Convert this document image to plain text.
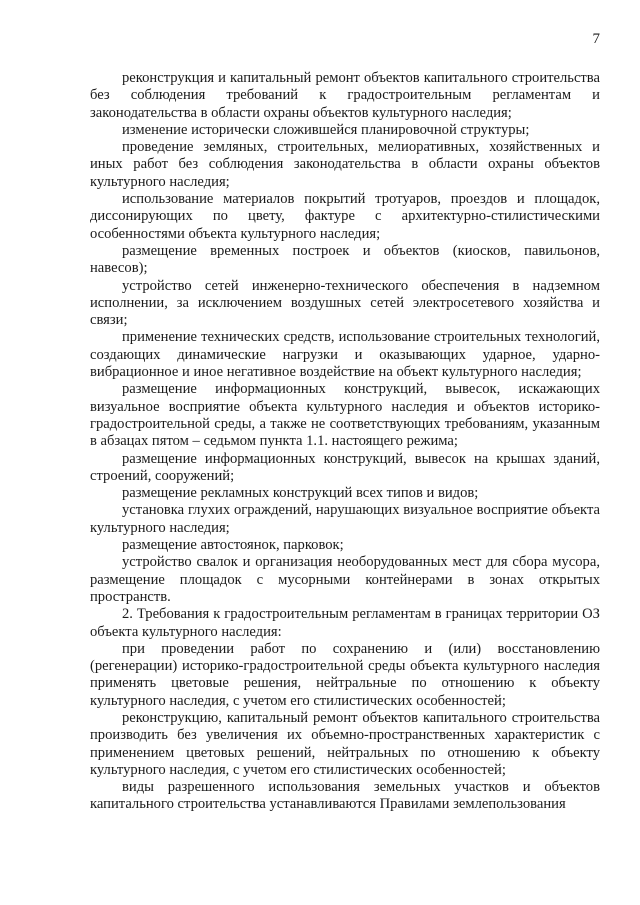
7

реконструкция и капитальный ремонт объектов капитального строительства без соблюдения требований к градостроительным регламентам и законодательства в области охраны объектов культурного наследия;

изменение исторически сложившейся планировочной структуры;

проведение земляных, строительных, мелиоративных, хозяйственных и иных работ без соблюдения законодательства в области охраны объектов культурного наследия;

использование материалов покрытий тротуаров, проездов и площадок, диссонирующих по цвету, фактуре с архитектурно-стилистическими особенностями объекта культурного наследия;

размещение временных построек и объектов (киосков, павильонов, навесов);

устройство сетей инженерно-технического обеспечения в надземном исполнении, за исключением воздушных сетей электросетевого хозяйства и связи;

применение технических средств, использование строительных технологий, создающих динамические нагрузки и оказывающих ударное, ударно-вибрационное и иное негативное воздействие на объект культурного наследия;

размещение информационных конструкций, вывесок, искажающих визуальное восприятие объекта культурного наследия и объектов историко-градостроительной среды, а также не соответствующих требованиям, указанным в абзацах пятом – седьмом пункта 1.1. настоящего режима;

размещение информационных конструкций, вывесок на крышах зданий, строений, сооружений;

размещение рекламных конструкций всех типов и видов;

установка глухих ограждений, нарушающих визуальное восприятие объекта культурного наследия;

размещение автостоянок, парковок;

устройство свалок и организация необорудованных мест для сбора мусора, размещение площадок с мусорными контейнерами в зонах открытых пространств.

2. Требования к градостроительным регламентам в границах территории ОЗ объекта культурного наследия:

при проведении работ по сохранению и (или) восстановлению (регенерации) историко-градостроительной среды объекта культурного наследия применять цветовые решения, нейтральные по отношению к объекту культурного наследия, с учетом его стилистических особенностей;

реконструкцию, капитальный ремонт объектов капитального строительства производить без увеличения их объемно-пространственных характеристик с применением цветовых решений, нейтральных по отношению к объекту культурного наследия, с учетом его стилистических особенностей;

виды разрешенного использования земельных участков и объектов капитального строительства устанавливаются Правилами землепользования
